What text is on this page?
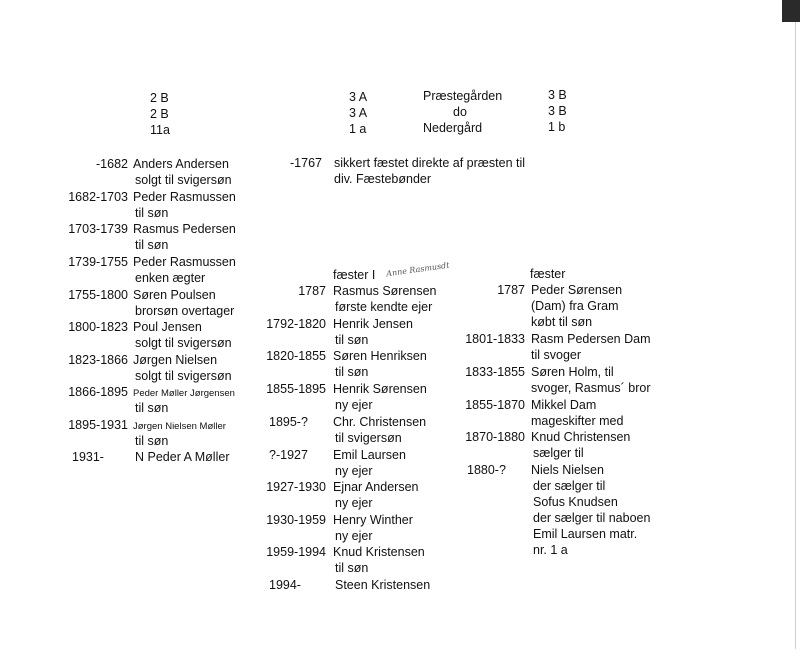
2 B
2 B
11a
3 A
3 A
1 a
Præstegården
do
Nedergård
3 B
3 B
1 b
-1767 sikkert fæstet direkte af præsten til
div. Fæstebønder
-1682 Anders Andersen
solgt til svigersøn
1682-1703 Peder Rasmussen
til søn
1703-1739 Rasmus Pedersen
til søn
1739-1755 Peder Rasmussen
enken ægter
1755-1800 Søren Poulsen
brorsøn overtager
1800-1823 Poul Jensen
solgt til svigersøn
1823-1866 Jørgen Nielsen
solgt til svigersøn
1866-1895 Peder Møller Jørgensen
til søn
1895-1931 Jørgen Nielsen Møller
til søn
1931- N Peder A Møller
fæster I Anne Rasmusdt
1787 Rasmus Sørensen
første kendte ejer
1792-1820 Henrik Jensen
til søn
1820-1855 Søren Henriksen
til søn
1855-1895 Henrik Sørensen
ny ejer
1895-? Chr. Christensen
til svigersøn
?-1927 Emil Laursen
ny ejer
1927-1930 Ejnar Andersen
ny ejer
1930-1959 Henry Winther
ny ejer
1959-1994 Knud Kristensen
til søn
1994-	Steen Kristensen
fæster
1787 Peder Sørensen
(Dam) fra Gram
købt til søn
1801-1833 Rasm Pedersen Dam
til svoger
1833-1855 Søren Holm, til
svoger, Rasmus´ bror
1855-1870 Mikkel Dam
mageskifter med
1870-1880 Knud Christensen
sælger til
1880-? Niels Nielsen
der sælger til
Sofus Knudsen
der sælger til naboen
Emil Laursen matr.
nr. 1 a
